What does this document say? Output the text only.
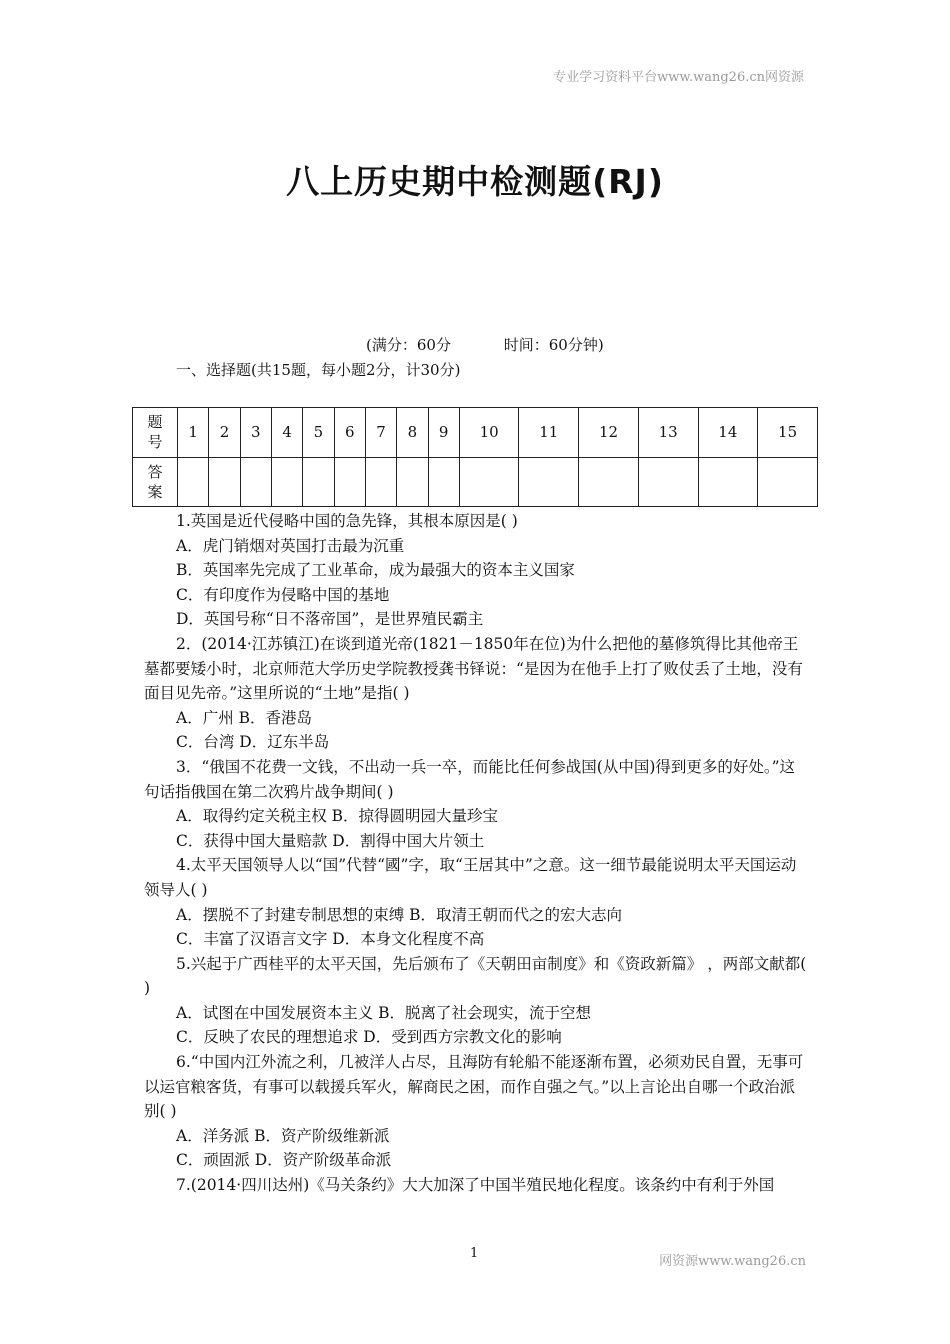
专业学习资料平台www.wang26.cn网资源
八上历史期中检测题(RJ)
(满分：60分	时间：60分钟)
一、选择题(共15题，每小题2分，计30分)
题
号	1	2	3	4	5	6	7	8	9	10	11	12	13	14	15
答
案															

1.英国是近代侵略中国的急先锋，其根本原因是( )

A．虎门销烟对英国打击最为沉重

B．英国率先完成了工业革命，成为最强大的资本主义国家

C．有印度作为侵略中国的基地

D．英国号称“日不落帝国”，是世界殖民霸主

2．(2014·江苏镇江)在谈到道光帝(1821－1850年在位)为什么把他的墓修筑得比其他帝王墓都要矮小时，北京师范大学历史学院教授龚书铎说：“是因为在他手上打了败仗丢了土地，没有面目见先帝。”这里所说的“土地”是指( )

A．广州 B．香港岛

C．台湾 D．辽东半岛

3．“俄国不花费一文钱，不出动一兵一卒，而能比任何参战国(从中国)得到更多的好处。”这句话指俄国在第二次鸦片战争期间( )

A．取得约定关税主权 B．掠得圆明园大量珍宝

C．获得中国大量赔款 D．割得中国大片领土

4.太平天国领导人以“国”代替“國”字，取“王居其中”之意。这一细节最能说明太平天国运动领导人( )

A．摆脱不了封建专制思想的束缚 B．取清王朝而代之的宏大志向

C．丰富了汉语言文字 D．本身文化程度不高

5.兴起于广西桂平的太平天国，先后颁布了《天朝田亩制度》和《资政新篇》 ，两部文献都( )

A．试图在中国发展资本主义 B．脱离了社会现实，流于空想

C．反映了农民的理想追求 D．受到西方宗教文化的影响

6.“中国内江外流之利，几被洋人占尽，且海防有轮船不能逐渐布置，必须劝民自置，无事可以运官粮客货，有事可以载援兵军火，解商民之困，而作自强之气。”以上言论出自哪一个政治派别( )

A．洋务派 B．资产阶级维新派

C．顽固派 D．资产阶级革命派

7.(2014·四川达州)《马关条约》大大加深了中国半殖民地化程度。该条约中有利于外国

1
网资源www.wang26.cn
